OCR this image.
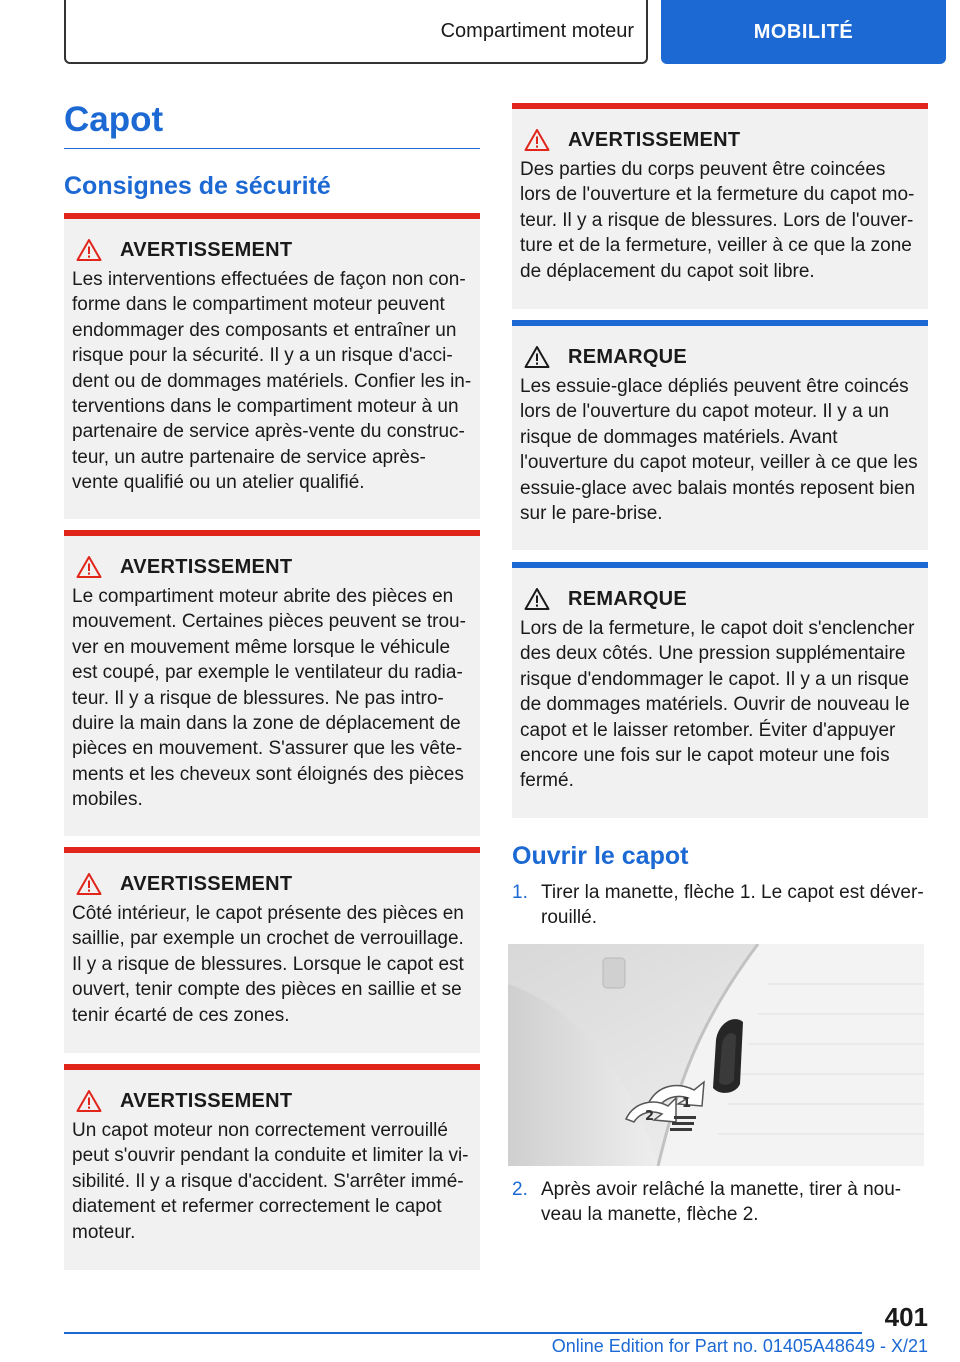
Compartiment moteur	MOBILITÉ
Capot
Consignes de sécurité
AVERTISSEMENT
Les interventions effectuées de façon non conforme dans le compartiment moteur peuvent endommager des composants et entraîner un risque pour la sécurité. Il y a un risque d'accident ou de dommages matériels. Confier les interventions dans le compartiment moteur à un partenaire de service après-vente du constructeur, un autre partenaire de service après-vente qualifié ou un atelier qualifié.
AVERTISSEMENT
Le compartiment moteur abrite des pièces en mouvement. Certaines pièces peuvent se trouver en mouvement même lorsque le véhicule est coupé, par exemple le ventilateur du radiateur. Il y a risque de blessures. Ne pas introduire la main dans la zone de déplacement de pièces en mouvement. S'assurer que les vêtements et les cheveux sont éloignés des pièces mobiles.
AVERTISSEMENT
Côté intérieur, le capot présente des pièces en saillie, par exemple un crochet de verrouillage. Il y a risque de blessures. Lorsque le capot est ouvert, tenir compte des pièces en saillie et se tenir écarté de ces zones.
AVERTISSEMENT
Un capot moteur non correctement verrouillé peut s'ouvrir pendant la conduite et limiter la visibilité. Il y a risque d'accident. S'arrêter immédiatement et refermer correctement le capot moteur.
AVERTISSEMENT
Des parties du corps peuvent être coincées lors de l'ouverture et la fermeture du capot moteur. Il y a risque de blessures. Lors de l'ouverture et de la fermeture, veiller à ce que la zone de déplacement du capot soit libre.
REMARQUE
Les essuie-glace dépliés peuvent être coincés lors de l'ouverture du capot moteur. Il y a un risque de dommages matériels. Avant l'ouverture du capot moteur, veiller à ce que les essuie-glace avec balais montés reposent bien sur le pare-brise.
REMARQUE
Lors de la fermeture, le capot doit s'enclencher des deux côtés. Une pression supplémentaire risque d'endommager le capot. Il y a un risque de dommages matériels. Ouvrir de nouveau le capot et le laisser retomber. Éviter d'appuyer encore une fois sur le capot moteur une fois fermé.
Ouvrir le capot
1. Tirer la manette, flèche 1. Le capot est déverrouillé.
1
2
2. Après avoir relâché la manette, tirer à nouveau la manette, flèche 2.
401
Online Edition for Part no. 01405A48649 - X/21
